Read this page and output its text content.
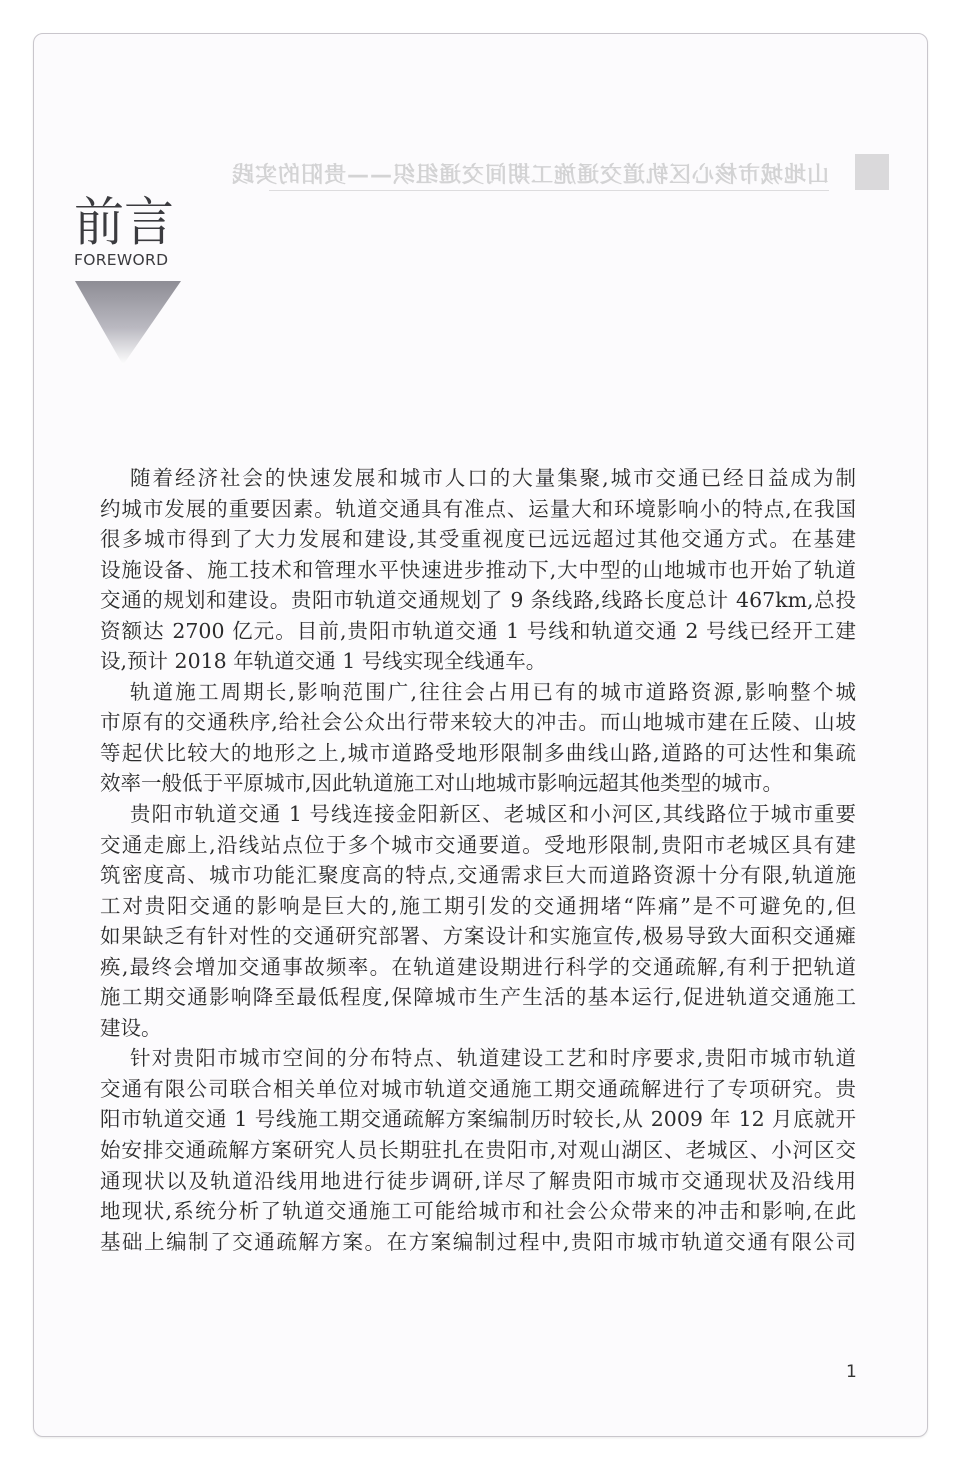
山地城市核心区轨道交通施工期间交通组织——贵阳的实践
前言
FOREWORD
随着经济社会的快速发展和城市人口的大量集聚,城市交通已经日益成为制
约城市发展的重要因素。轨道交通具有准点、运量大和环境影响小的特点,在我国
很多城市得到了大力发展和建设,其受重视度已远远超过其他交通方式。在基建
设施设备、施工技术和管理水平快速进步推动下,大中型的山地城市也开始了轨道
交通的规划和建设。贵阳市轨道交通规划了 9 条线路,线路长度总计 467km,总投
资额达 2700 亿元。目前,贵阳市轨道交通 1 号线和轨道交通 2 号线已经开工建
设,预计 2018 年轨道交通 1 号线实现全线通车。
轨道施工周期长,影响范围广,往往会占用已有的城市道路资源,影响整个城
市原有的交通秩序,给社会公众出行带来较大的冲击。而山地城市建在丘陵、山坡
等起伏比较大的地形之上,城市道路受地形限制多曲线山路,道路的可达性和集疏
效率一般低于平原城市,因此轨道施工对山地城市影响远超其他类型的城市。
贵阳市轨道交通 1 号线连接金阳新区、老城区和小河区,其线路位于城市重要
交通走廊上,沿线站点位于多个城市交通要道。受地形限制,贵阳市老城区具有建
筑密度高、城市功能汇聚度高的特点,交通需求巨大而道路资源十分有限,轨道施
工对贵阳交通的影响是巨大的,施工期引发的交通拥堵“阵痛”是不可避免的,但
如果缺乏有针对性的交通研究部署、方案设计和实施宣传,极易导致大面积交通瘫
痪,最终会增加交通事故频率。在轨道建设期进行科学的交通疏解,有利于把轨道
施工期交通影响降至最低程度,保障城市生产生活的基本运行,促进轨道交通施工
建设。
针对贵阳市城市空间的分布特点、轨道建设工艺和时序要求,贵阳市城市轨道
交通有限公司联合相关单位对城市轨道交通施工期交通疏解进行了专项研究。贵
阳市轨道交通 1 号线施工期交通疏解方案编制历时较长,从 2009 年 12 月底就开
始安排交通疏解方案研究人员长期驻扎在贵阳市,对观山湖区、老城区、小河区交
通现状以及轨道沿线用地进行徒步调研,详尽了解贵阳市城市交通现状及沿线用
地现状,系统分析了轨道交通施工可能给城市和社会公众带来的冲击和影响,在此
基础上编制了交通疏解方案。在方案编制过程中,贵阳市城市轨道交通有限公司
1
